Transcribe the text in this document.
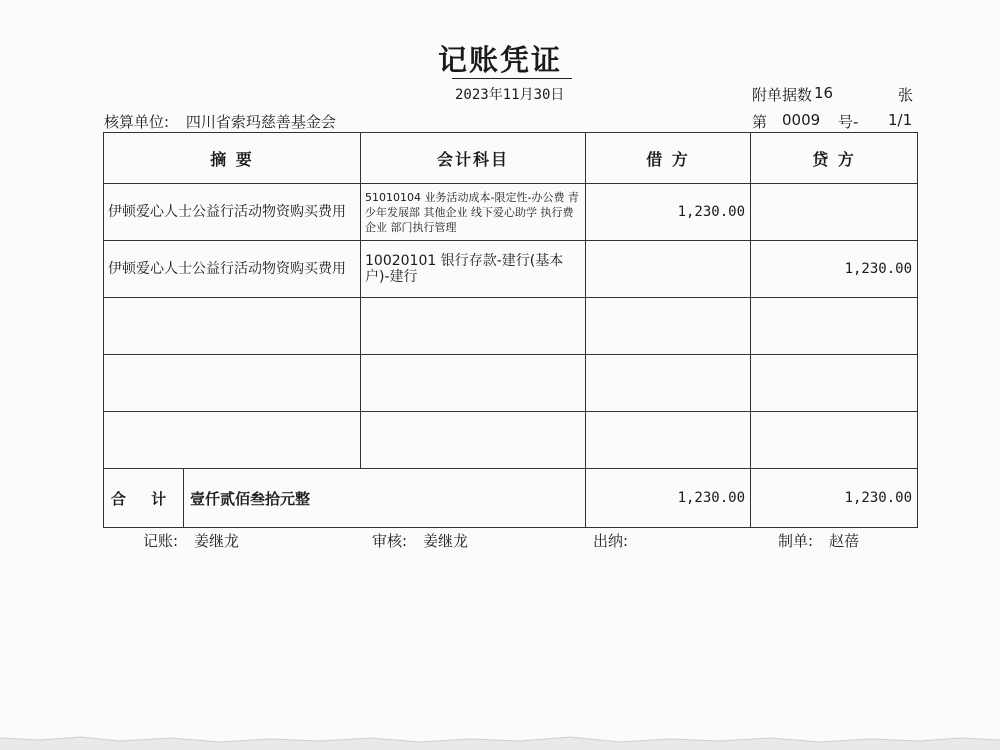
记账凭证
2023年11月30日	附单据数 16	张
核算单位: 四川省索玛慈善基金会	第 0009 号- 1/1
摘 要		会计科目	借 方	贷 方
伊顿爱心人士公益行活动物资购买费用		51010104 业务活动成本-限定性-办公费 青少年发展部 其他企业 线下爱心助学 执行费 企业 部门执行管理	1,230.00	
伊顿爱心人士公益行活动物资购买费用		10020101 银行存款-建行(基本户)-建行		1,230.00

合 计	壹仟贰佰叁拾元整		1,230.00	1,230.00
记账: 姜继龙	审核: 姜继龙	出纳:	制单: 赵蓓
